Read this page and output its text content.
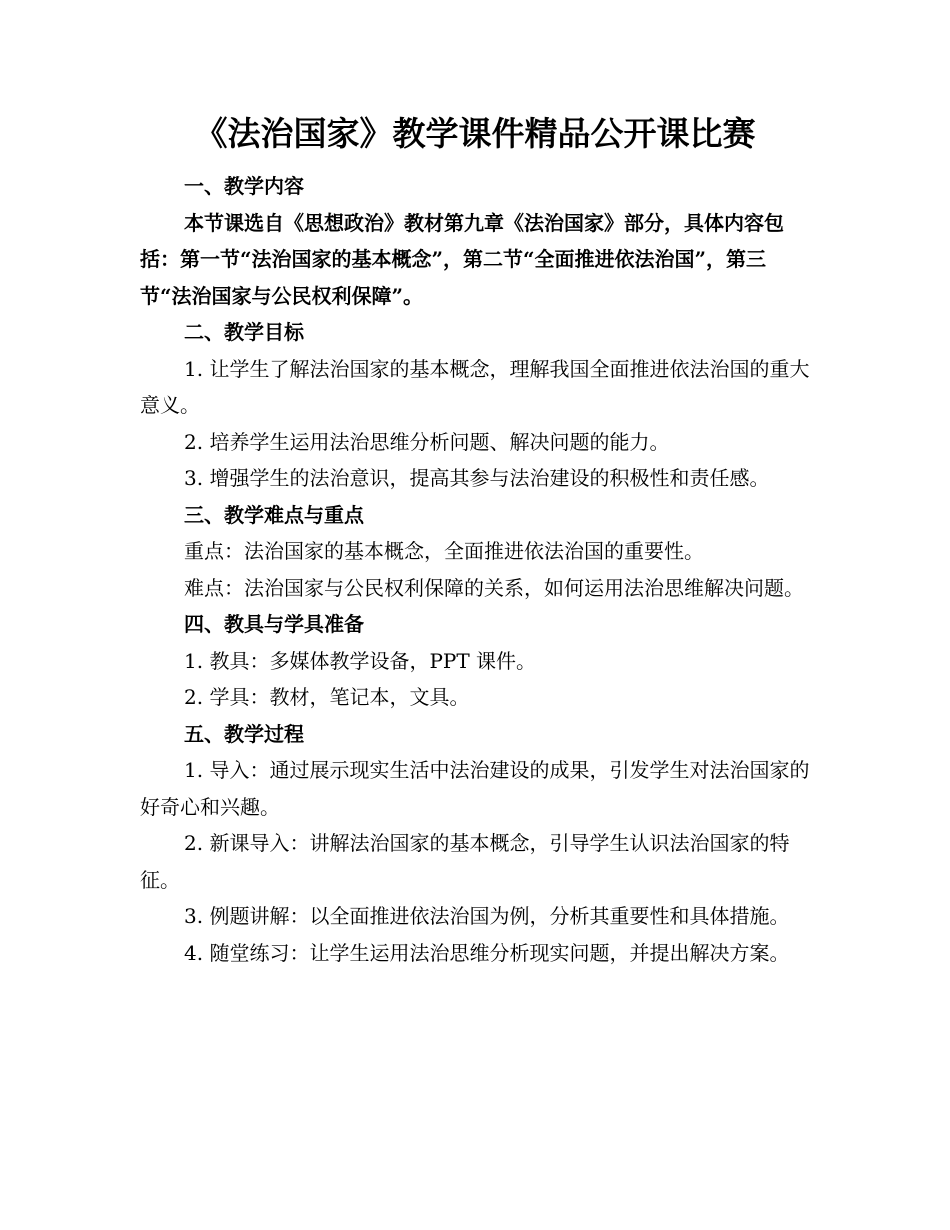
《法治国家》教学课件精品公开课比赛

一、教学内容

本节课选自《思想政治》教材第九章《法治国家》部分，具体内容包括：第一节“法治国家的基本概念”，第二节“全面推进依法治国”，第三节“法治国家与公民权利保障”。

二、教学目标

1. 让学生了解法治国家的基本概念，理解我国全面推进依法治国的重大意义。

2. 培养学生运用法治思维分析问题、解决问题的能力。

3. 增强学生的法治意识，提高其参与法治建设的积极性和责任感。

三、教学难点与重点

重点：法治国家的基本概念，全面推进依法治国的重要性。

难点：法治国家与公民权利保障的关系，如何运用法治思维解决问题。

四、教具与学具准备

1. 教具：多媒体教学设备，PPT 课件。

2. 学具：教材，笔记本，文具。

五、教学过程

1. 导入：通过展示现实生活中法治建设的成果，引发学生对法治国家的好奇心和兴趣。

2. 新课导入：讲解法治国家的基本概念，引导学生认识法治国家的特征。

3. 例题讲解：以全面推进依法治国为例，分析其重要性和具体措施。

4. 随堂练习：让学生运用法治思维分析现实问题，并提出解决方案。
